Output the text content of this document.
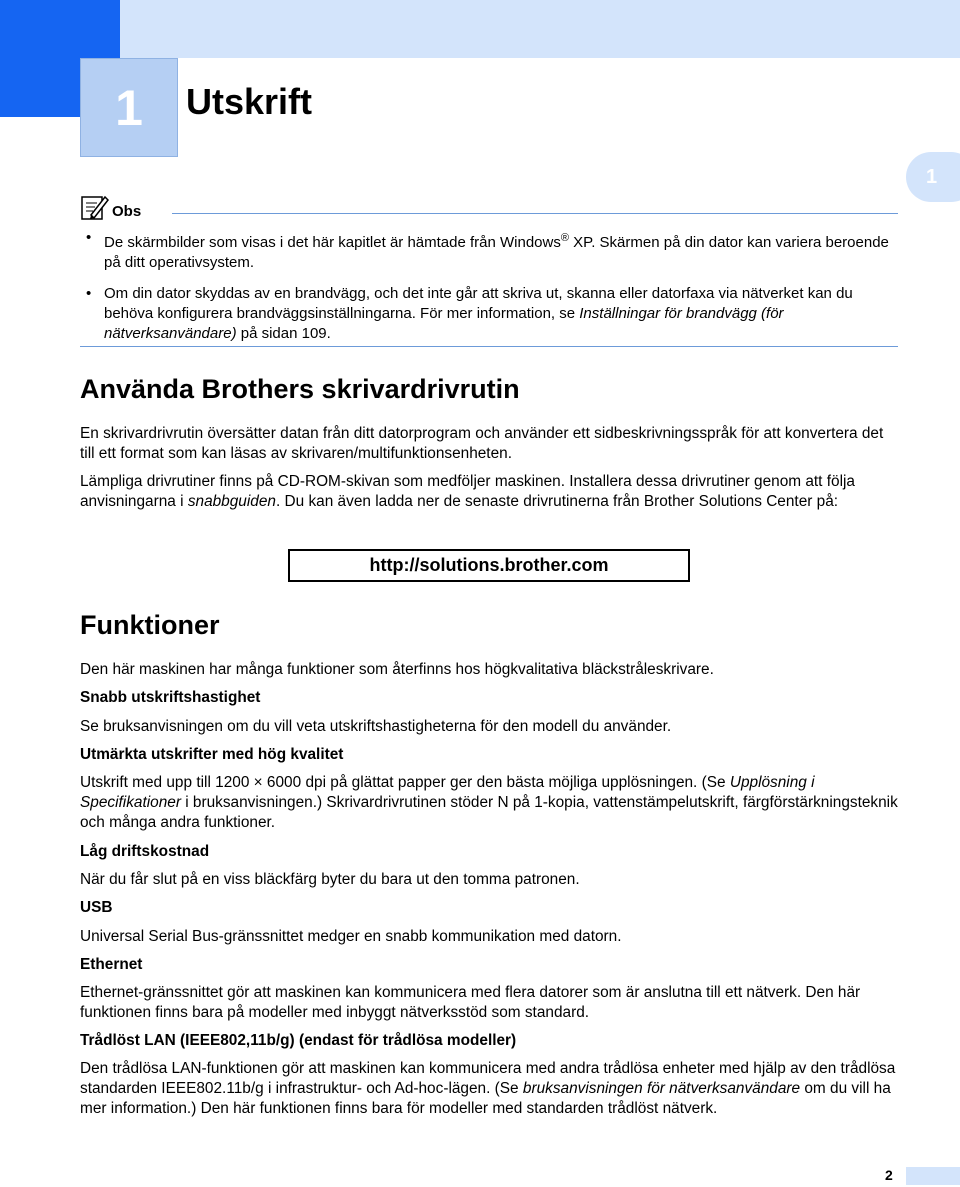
1 Utskrift
1
Obs
• De skärmbilder som visas i det här kapitlet är hämtade från Windows® XP. Skärmen på din dator kan variera beroende på ditt operativsystem.
• Om din dator skyddas av en brandvägg, och det inte går att skriva ut, skanna eller datorfaxa via nätverket kan du behöva konfigurera brandväggsinställningarna. För mer information, se Inställningar för brandvägg (för nätverksanvändare) på sidan 109.
Använda Brothers skrivardrivrutin

En skrivardrivrutin översätter datan från ditt datorprogram och använder ett sidbeskrivningsspråk för att konvertera det till ett format som kan läsas av skrivaren/multifunktionsenheten.

Lämpliga drivrutiner finns på CD-ROM-skivan som medföljer maskinen. Installera dessa drivrutiner genom att följa anvisningarna i snabbguiden. Du kan även ladda ner de senaste drivrutinerna från Brother Solutions Center på:

http://solutions.brother.com
Funktioner

Den här maskinen har många funktioner som återfinns hos högkvalitativa bläckstråleskrivare.

Snabb utskriftshastighet

Se bruksanvisningen om du vill veta utskriftshastigheterna för den modell du använder.

Utmärkta utskrifter med hög kvalitet

Utskrift med upp till 1200 × 6000 dpi på glättat papper ger den bästa möjliga upplösningen. (Se Upplösning i Specifikationer i bruksanvisningen.) Skrivardrivrutinen stöder N på 1-kopia, vattenstämpelutskrift, färgförstärkningsteknik och många andra funktioner.

Låg driftskostnad

När du får slut på en viss bläckfärg byter du bara ut den tomma patronen.

USB

Universal Serial Bus-gränssnittet medger en snabb kommunikation med datorn.

Ethernet

Ethernet-gränssnittet gör att maskinen kan kommunicera med flera datorer som är anslutna till ett nätverk. Den här funktionen finns bara på modeller med inbyggt nätverksstöd som standard.

Trådlöst LAN (IEEE802,11b/g) (endast för trådlösa modeller)

Den trådlösa LAN-funktionen gör att maskinen kan kommunicera med andra trådlösa enheter med hjälp av den trådlösa standarden IEEE802.11b/g i infrastruktur- och Ad-hoc-lägen. (Se bruksanvisningen för nätverksanvändare om du vill ha mer information.) Den här funktionen finns bara för modeller med standarden trådlöst nätverk.

2
